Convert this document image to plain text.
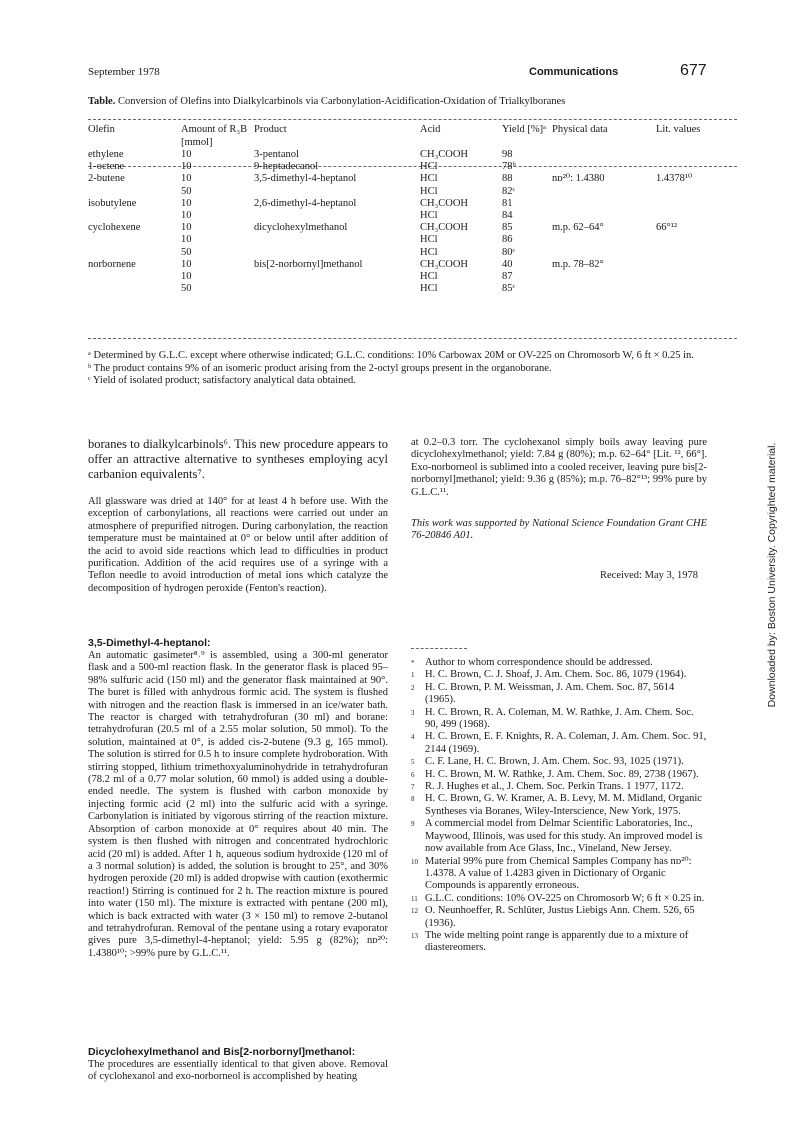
September 1978	Communications	677
Table. Conversion of Olefins into Dialkylcarbinols via Carbonylation-Acidification-Oxidation of Trialkylboranes
Olefin	Amount of R₃B [mmol]	Product	Acid	Yield [%]ᵃ	Physical data	Lit. values
ethylene	10	3-pentanol	CH₃COOH	98		
1-octene	10	9-heptadecanol	HCl	78ᵇ		
2-butene	10	3,5-dimethyl-4-heptanol	HCl	88	nᴅ²⁰: 1.4380	1.4378¹⁰
	50		HCl	82ᶜ		
isobutylene	10	2,6-dimethyl-4-heptanol	CH₃COOH	81		
	10		HCl	84		
cyclohexene	10	dicyclohexylmethanol	CH₃COOH	85	m.p. 62–64°	66°¹²
	10		HCl	86		
	50		HCl	80ᶜ		
norbornene	10	bis[2-norbornyl]methanol	CH₃COOH	40	m.p. 78–82°	
	10		HCl	87		
	50		HCl	85ᶜ		
ᵃ Determined by G.L.C. except where otherwise indicated; G.L.C. conditions: 10% Carbowax 20M or OV-225 on Chromosorb W, 6 ft × 0.25 in.
ᵇ The product contains 9% of an isomeric product arising from the 2-octyl groups present in the organoborane.
ᶜ Yield of isolated product; satisfactory analytical data obtained.
boranes to dialkylcarbinols⁶. This new procedure appears to offer an attractive alternative to syntheses employing acyl carbanion equivalents⁷.
All glassware was dried at 140° for at least 4 h before use. With the exception of carbonylations, all reactions were carried out under an atmosphere of prepurified nitrogen. During carbonylation, the reaction temperature must be maintained at 0° or below until after addition of the acid to avoid side reactions which lead to difficulties in product purification. Addition of the acid requires use of a syringe with a Teflon needle to avoid introduction of metal ions which catalyze the decomposition of hydrogen peroxide (Fenton's reaction).
3,5-Dimethyl-4-heptanol:
An automatic gasimeter⁸˒⁹ is assembled, using a 300-ml generator flask and a 500-ml reaction flask. In the generator flask is placed 95–98% sulfuric acid (150 ml) and the generator flask maintained at 90°. The buret is filled with anhydrous formic acid. The system is flushed with nitrogen and the reaction flask is immersed in an ice/water bath. The reactor is charged with tetrahydrofuran (30 ml) and borane: tetrahydrofuran (20.5 ml of a 2.55 molar solution, 50 mmol). To the solution, maintained at 0°, is added cis-2-butene (9.3 g, 165 mmol). The solution is stirred for 0.5 h to insure complete hydroboration. With stirring stopped, lithium trimethoxyaluminohydride in tetrahydrofuran (78.2 ml of a 0.77 molar solution, 60 mmol) is added using a double-ended needle. The system is flushed with carbon monoxide by injecting formic acid (2 ml) into the sulfuric acid with a syringe. Carbonylation is initiated by vigorous stirring of the reaction mixture. Absorption of carbon monoxide at 0° requires about 40 min. The system is then flushed with nitrogen and concentrated hydrochloric acid (20 ml) is added. After 1 h, aqueous sodium hydroxide (120 ml of a 3 normal solution) is added, the solution is brought to 25°, and 30% hydrogen peroxide (20 ml) is added dropwise with caution (exothermic reaction!) Stirring is continued for 2 h. The reaction mixture is poured into water (150 ml). The mixture is extracted with pentane (200 ml), which is back extracted with water (3 × 150 ml) to remove 2-butanol and tetrahydrofuran. Removal of the pentane using a rotary evaporator gives pure 3,5-dimethyl-4-heptanol; yield: 5.95 g (82%); nᴅ²⁰: 1.4380¹⁰; >99% pure by G.L.C.¹¹.
Dicyclohexylmethanol and Bis[2-norbornyl]methanol:
The procedures are essentially identical to that given above. Removal of cyclohexanol and exo-norborneol is accomplished by heating
at 0.2–0.3 torr. The cyclohexanol simply boils away leaving pure dicyclohexylmethanol; yield: 7.84 g (80%); m.p. 62–64° [Lit. ¹², 66°]. Exo-norborneol is sublimed into a cooled receiver, leaving pure bis[2-norbornyl]methanol; yield: 9.36 g (85%); m.p. 76–82°¹³; 99% pure by G.L.C.¹¹.
This work was supported by National Science Foundation Grant CHE 76-20846 A01.
Received: May 3, 1978
*	Author to whom correspondence should be addressed.
1	H. C. Brown, C. J. Shoaf, J. Am. Chem. Soc. 86, 1079 (1964).
2	H. C. Brown, P. M. Weissman, J. Am. Chem. Soc. 87, 5614 (1965).
3	H. C. Brown, R. A. Coleman, M. W. Rathke, J. Am. Chem. Soc. 90, 499 (1968).
4	H. C. Brown, E. F. Knights, R. A. Coleman, J. Am. Chem. Soc. 91, 2144 (1969).
5	C. F. Lane, H. C. Brown, J. Am. Chem. Soc. 93, 1025 (1971).
6	H. C. Brown, M. W. Rathke, J. Am. Chem. Soc. 89, 2738 (1967).
7	R. J. Hughes et al., J. Chem. Soc. Perkin Trans. 1 1977, 1172.
8	H. C. Brown, G. W. Kramer, A. B. Levy, M. M. Midland, Organic Syntheses via Boranes, Wiley-Interscience, New York, 1975.
9	A commercial model from Delmar Scientific Laboratories, Inc., Maywood, Illinois, was used for this study. An improved model is now available from Ace Glass, Inc., Vineland, New Jersey.
10 Material 99% pure from Chemical Samples Company has nᴅ²⁰: 1.4378. A value of 1.4283 given in Dictionary of Organic Compounds is apparently erroneous.
11 G.L.C. conditions: 10% OV-225 on Chromosorb W; 6 ft × 0.25 in.
12 O. Neunhoeffer, R. Schlüter, Justus Liebigs Ann. Chem. 526, 65 (1936).
13 The wide melting point range is apparently due to a mixture of diastereomers.
Downloaded by: Boston University. Copyrighted material.
